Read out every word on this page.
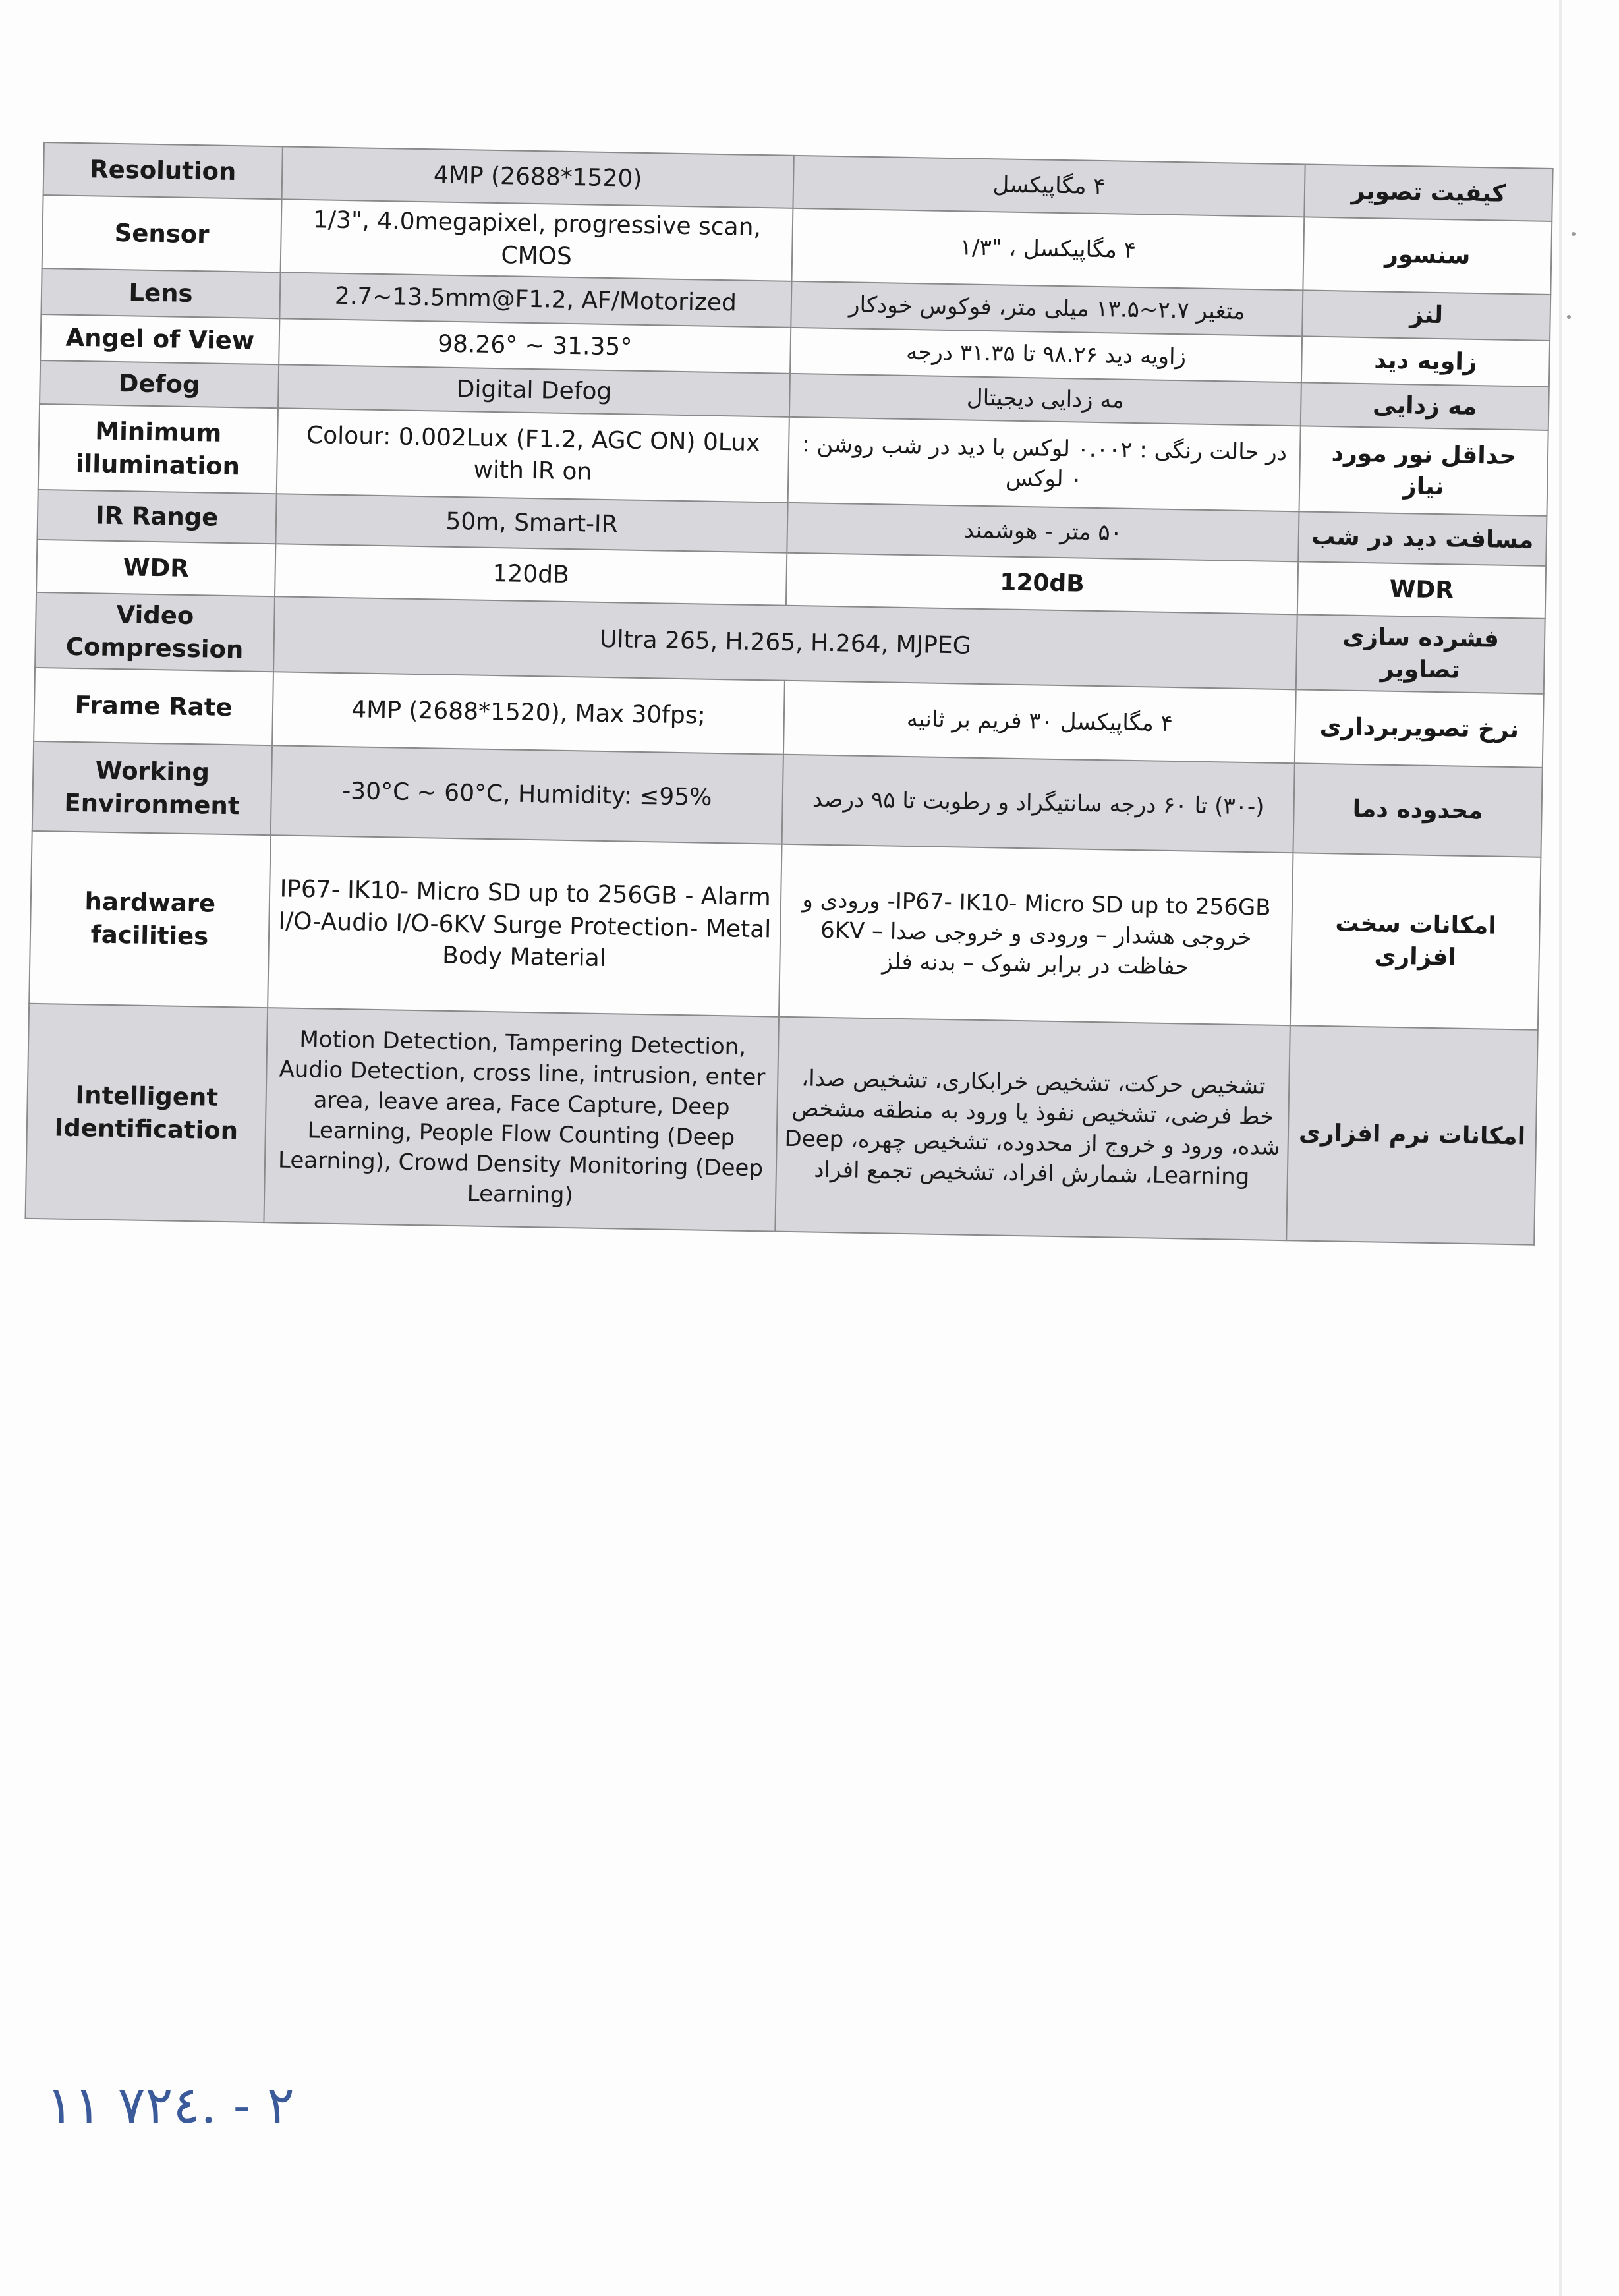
Resolution	4MP (2688*1520)	۴ مگاپیکسل	کیفیت تصویر
Sensor	1/3", 4.0megapixel, progressive scan, CMOS	۴ مگاپیکسل ، "۱/۳	سنسور
Lens	2.7~13.5mm@F1.2, AF/Motorized	متغیر ۲.۷~۱۳.۵ میلی متر، فوکوس خودکار	لنز
Angel of View	98.26° ~ 31.35°	زاویه دید ۹۸.۲۶ تا ۳۱.۳۵ درجه	زاویه دید
Defog	Digital Defog	مه زدایی دیجیتال	مه زدایی
Minimum illumination	Colour: 0.002Lux (F1.2, AGC ON) 0Lux with IR on	در حالت رنگی : ۰.۰۰۲ لوکس با دید در شب روشن : ۰ لوکس	حداقل نور مورد نیاز
IR Range	50m, Smart-IR	۵۰ متر - هوشمند	مسافت دید در شب
WDR	120dB	120dB	WDR
Video Compression	Ultra 265, H.265, H.264, MJPEG		فشرده سازی تصاویر
Frame Rate	4MP (2688*1520), Max 30fps;	۴ مگاپیکسل ۳۰ فریم بر ثانیه	نرخ تصویربرداری
Working Environment	-30°C ~ 60°C, Humidity: ≤95%	(-۳۰) تا ۶۰ درجه سانتیگراد و رطوبت تا ۹۵ درصد	محدوده دما
hardware facilities	IP67- IK10- Micro SD up to 256GB - Alarm I/O-Audio I/O-6KV Surge Protection- Metal Body Material	IP67- IK10- Micro SD up to 256GB- ورودی و خروجی هشدار – ورودی و خروجی صدا – 6KV حفاظت در برابر شوک – بدنه فلز	امکانات سخت افزاری
Intelligent Identification	Motion Detection, Tampering Detection, Audio Detection, cross line, intrusion, enter area, leave area, Face Capture, Deep Learning, People Flow Counting (Deep Learning), Crowd Density Monitoring (Deep Learning)	تشخیص حرکت، تشخیص خرابکاری، تشخیص صدا، خط فرضی، تشخیص نفوذ یا ورود به منطقه مشخص شده، ورود و خروج از محدوده، تشخیص چهره، Deep Learning، شمارش افراد، تشخیص تجمع افراد	امکانات نرم افزاری
۱۱ ۷۲٤. - ۲
